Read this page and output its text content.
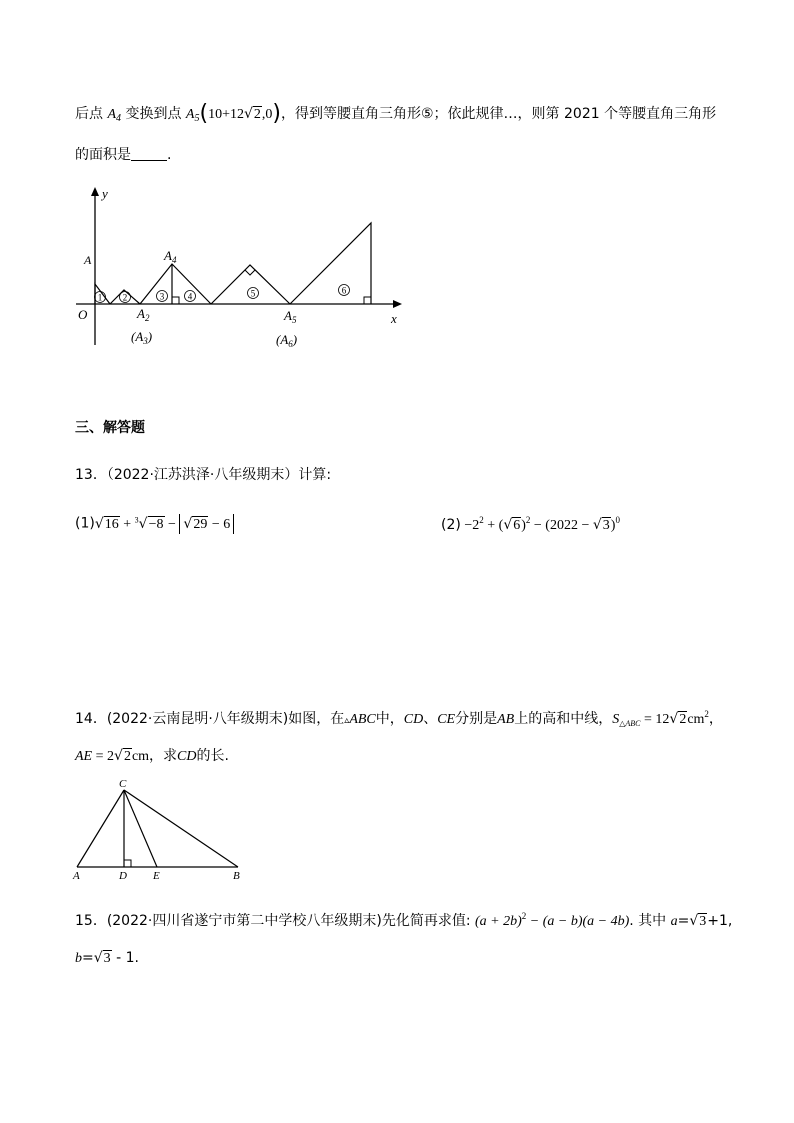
后点 $A_4$ 变换到点 $A_5(10+12√2,0)$，得到等腰直角三角形⑤；依此规律…，则第 2021 个等腰直角三角形
的面积是	.
y
x
O
A
1 2	3	4	5	6
$A_4$
$A_2$
$(A_3)$
$A_5$
$(A_6)$
三、解答题
13．（2022·江苏洪泽·八年级期末）计算:
(1)√16 + $^3$√−8 − √29 − 6	$(2) -2^2 + (√6)^2 - (2022 - √3)^0$
14．(2022·云南昆明·八年级期末)如图，在▵ABC中，CD、CE分别是AB上的高和中线，$S_{\triangle ABC} = 12√2cm^2$，
AE = 2√2cm，求CD的长.
C
A	D E	B
15．(2022·四川省遂宁市第二中学校八年级期末)先化简再求值: $(a + 2b)^2 - (a - b)(a - 4b)$. 其中 a=√3+1,
b=√3 - 1.
